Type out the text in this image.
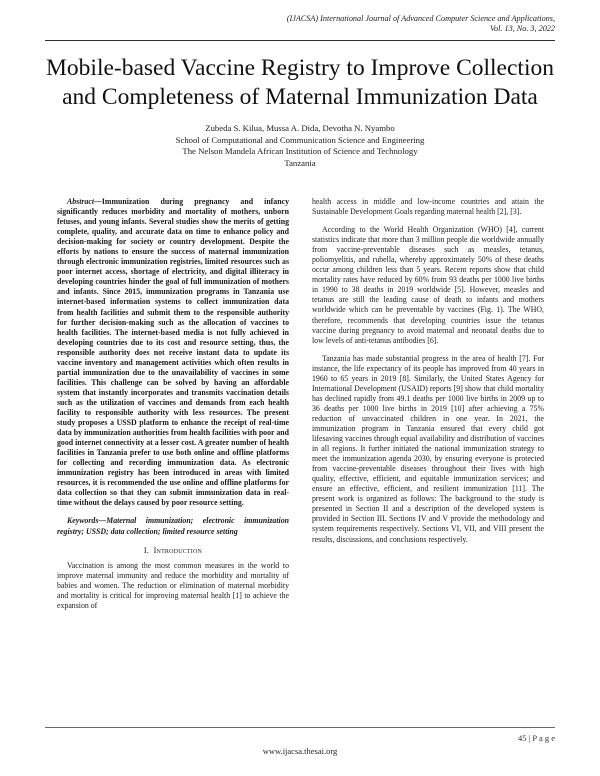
(IJACSA) International Journal of Advanced Computer Science and Applications,
Vol. 13, No. 3, 2022
Mobile-based Vaccine Registry to Improve Collection and Completeness of Maternal Immunization Data
Zubeda S. Kilua, Mussa A. Dida, Devotha N. Nyambo
School of Computational and Communication Science and Engineering
The Nelson Mandela African Institution of Science and Technology
Tanzania

Abstract—Immunization during pregnancy and infancy significantly reduces morbidity and mortality of mothers, unborn fetuses, and young infants. Several studies show the merits of getting complete, quality, and accurate data on time to enhance policy and decision-making for society or country development. Despite the efforts by nations to ensure the success of maternal immunization through electronic immunization registries, limited resources such as poor internet access, shortage of electricity, and digital illiteracy in developing countries hinder the goal of full immunization of mothers and infants. Since 2015, immunization programs in Tanzania use internet-based information systems to collect immunization data from health facilities and submit them to the responsible authority for further decision-making such as the allocation of vaccines to health facilities. The internet-based media is not fully achieved in developing countries due to its cost and resource setting, thus, the responsible authority does not receive instant data to update its vaccine inventory and management activities which often results in partial immunization due to the unavailability of vaccines in some facilities. This challenge can be solved by having an affordable system that instantly incorporates and transmits vaccination details such as the utilization of vaccines and demands from each health facility to responsible authority with less resources. The present study proposes a USSD platform to enhance the receipt of real-time data by immunization authorities from health facilities with poor and good internet connectivity at a lesser cost. A greater number of health facilities in Tanzania prefer to use both online and offline platforms for collecting and recording immunization data. As electronic immunization registry has been introduced in areas with limited resources, it is recommended the use online and offline platforms for data collection so that they can submit immunization data in real-time without the delays caused by poor resource setting.

Keywords—Maternal immunization; electronic immunization registry; USSD; data collection; limited resource setting

I. Introduction

Vaccination is among the most common measures in the world to improve maternal immunity and reduce the morbidity and mortality of babies and women. The reduction or elimination of maternal morbidity and mortality is critical for improving maternal health [1] to achieve the expansion of

health access in middle and low-income countries and attain the Sustainable Development Goals regarding maternal health [2], [3].

According to the World Health Organization (WHO) [4], current statistics indicate that more than 3 million people die worldwide annually from vaccine-preventable diseases such as measles, tetanus, poliomyelitis, and rubella, whereby approximately 50% of these deaths occur among children less than 5 years. Recent reports show that child mortality rates have reduced by 60% from 93 deaths per 1000 live births in 1990 to 38 deaths in 2019 worldwide [5]. However, measles and tetanus are still the leading cause of death to infants and mothers worldwide which can be preventable by vaccines (Fig. 1). The WHO, therefore, recommends that developing countries issue the tetanus vaccine during pregnancy to avoid maternal and neonatal deaths due to low levels of anti-tetanus antibodies [6].

Tanzania has made substantial progress in the area of health [7]. For instance, the life expectancy of its people has improved from 40 years in 1960 to 65 years in 2019 [8]. Similarly, the United States Agency for International Development (USAID) reports [9] show that child mortality has declined rapidly from 49.1 deaths per 1000 live births in 2009 up to 36 deaths per 1000 live births in 2019 [10] after achieving a 75% reduction of unvaccinated children in one year. In 2021, the immunization program in Tanzania ensured that every child got lifesaving vaccines through equal availability and distribution of vaccines in all regions. It further initiated the national immunization strategy to meet the immunization agenda 2030, by ensuring everyone is protected from vaccine-preventable diseases throughout their lives with high quality, effective, efficient, and equitable immunization services; and ensure an effective, efficient, and resilient immunization [11]. The present work is organized as follows: The background to the study is presented in Section II and a description of the developed system is provided in Section III. Sections IV and V provide the methodology and system requirements respectively. Sections VI, VII, and VIII present the results, discussions, and conclusions respectively.

45 | P a g e
www.ijacsa.thesai.org
